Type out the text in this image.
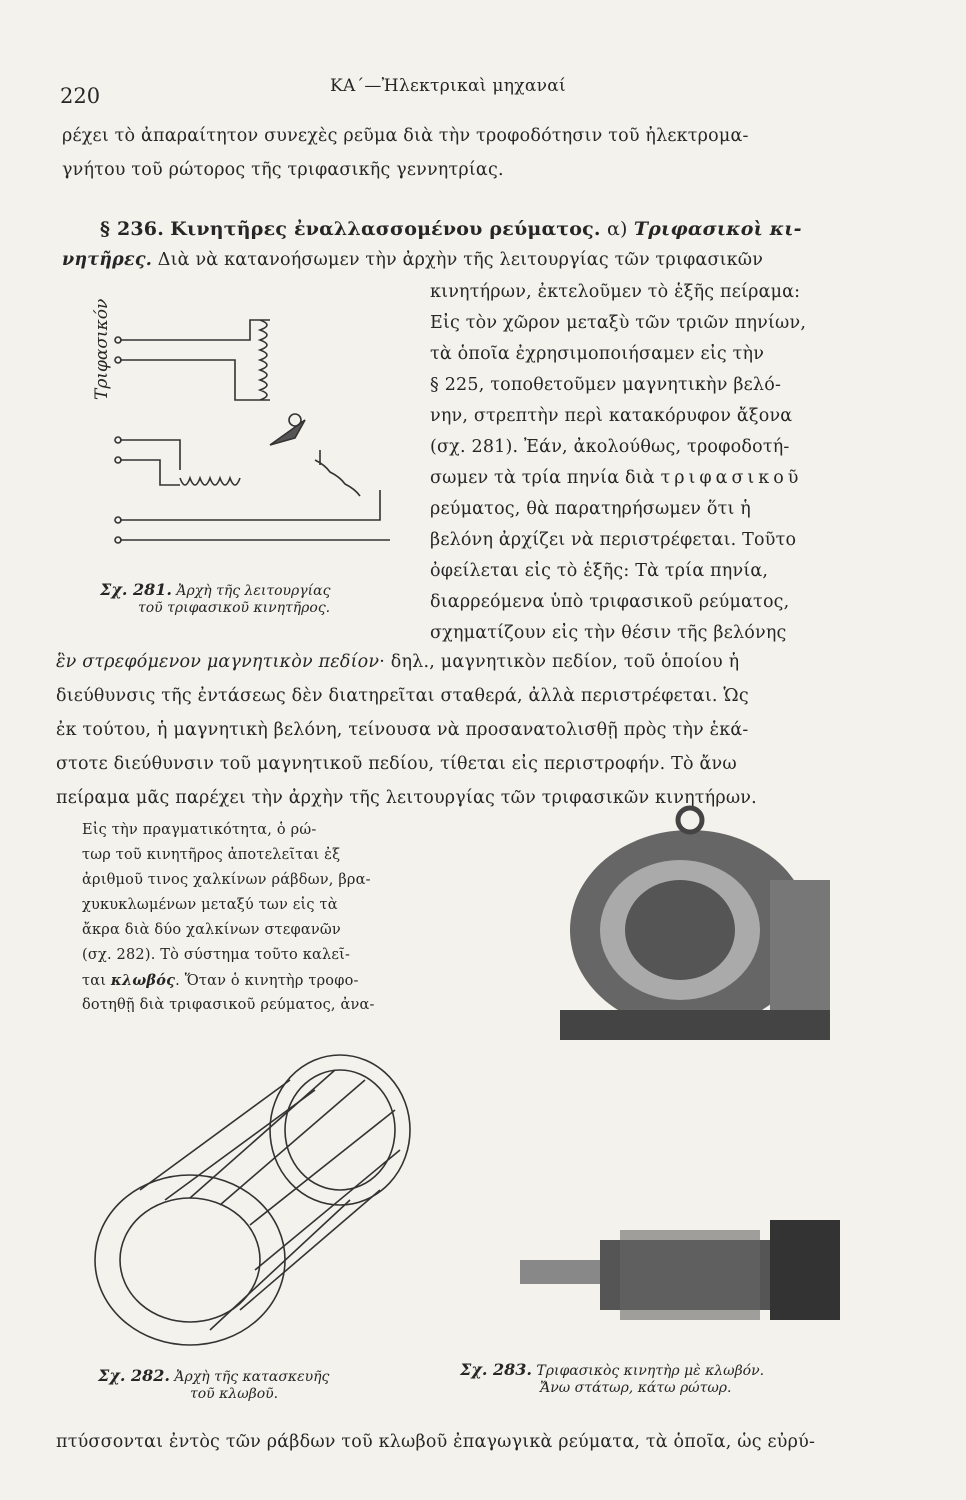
220	ΚΑ΄—Ἠλεκτρικαὶ μηχαναί
ρέχει τὸ ἀπαραίτητον συνεχὲς ρεῦμα διὰ τὴν τροφοδότησιν τοῦ ἠλεκτρομα-
γνήτου τοῦ ρώτορος τῆς τριφασικῆς γεννητρίας.
§ 236. Κινητῆρες ἐναλλασσομένου ρεύματος. α) Τριφασικοὶ κι-
νητῆρες. Διὰ νὰ κατανοήσωμεν τὴν ἀρχὴν τῆς λειτουργίας τῶν τριφασικῶν
κινητήρων, ἐκτελοῦμεν τὸ ἑξῆς πείραμα:
Εἰς τὸν χῶρον μεταξὺ τῶν τριῶν πηνίων,
τὰ ὁποῖα ἐχρησιμοποιήσαμεν εἰς τὴν
§ 225, τοποθετοῦμεν μαγνητικὴν βελό-
νην, στρεπτὴν περὶ κατακόρυφον ἄξονα
(σχ. 281). Ἐάν, ἀκολούθως, τροφοδοτή-
σωμεν τὰ τρία πηνία διὰ τριφασικοῦ
ρεύματος, θὰ παρατηρήσωμεν ὅτι ἡ
βελόνη ἀρχίζει νὰ περιστρέφεται. Τοῦτο
ὀφείλεται εἰς τὸ ἑξῆς: Τὰ τρία πηνία,
διαρρεόμενα ὑπὸ τριφασικοῦ ρεύματος,
σχηματίζουν εἰς τὴν θέσιν τῆς βελόνης
Τριφασικόν
Σχ. 281. Ἀρχὴ τῆς λειτουργίας
τοῦ τριφασικοῦ κινητῆρος.
ἓν στρεφόμενον μαγνητικὸν πεδίον· δηλ., μαγνητικὸν πεδίον, τοῦ ὁποίου ἡ
διεύθυνσις τῆς ἐντάσεως δὲν διατηρεῖται σταθερά, ἀλλὰ περιστρέφεται. Ὡς
ἐκ τούτου, ἡ μαγνητικὴ βελόνη, τείνουσα νὰ προσανατολισθῇ πρὸς τὴν ἑκά-
στοτε διεύθυνσιν τοῦ μαγνητικοῦ πεδίου, τίθεται εἰς περιστροφήν. Τὸ ἄνω
πείραμα μᾶς παρέχει τὴν ἀρχὴν τῆς λειτουργίας τῶν τριφασικῶν κινητήρων.
Εἰς τὴν πραγματικότητα, ὁ ρώ-
τωρ τοῦ κινητῆρος ἀποτελεῖται ἐξ
ἀριθμοῦ τινος χαλκίνων ράβδων, βρα-
χυκυκλωμένων μεταξύ των εἰς τὰ
ἄκρα διὰ δύο χαλκίνων στεφανῶν
(σχ. 282). Τὸ σύστημα τοῦτο καλεῖ-
ται κλωβός. Ὅταν ὁ κινητὴρ τροφο-
δοτηθῇ διὰ τριφασικοῦ ρεύματος, ἀνα-
Σχ. 282. Ἀρχὴ τῆς κατασκευῆς
τοῦ κλωβοῦ.
Σχ. 283. Τριφασικὸς κινητὴρ μὲ κλωβόν.
Ἄνω στάτωρ, κάτω ρώτωρ.
πτύσσονται ἐντὸς τῶν ράβδων τοῦ κλωβοῦ ἐπαγωγικὰ ρεύματα, τὰ ὁποῖα, ὡς εὐρύ-
